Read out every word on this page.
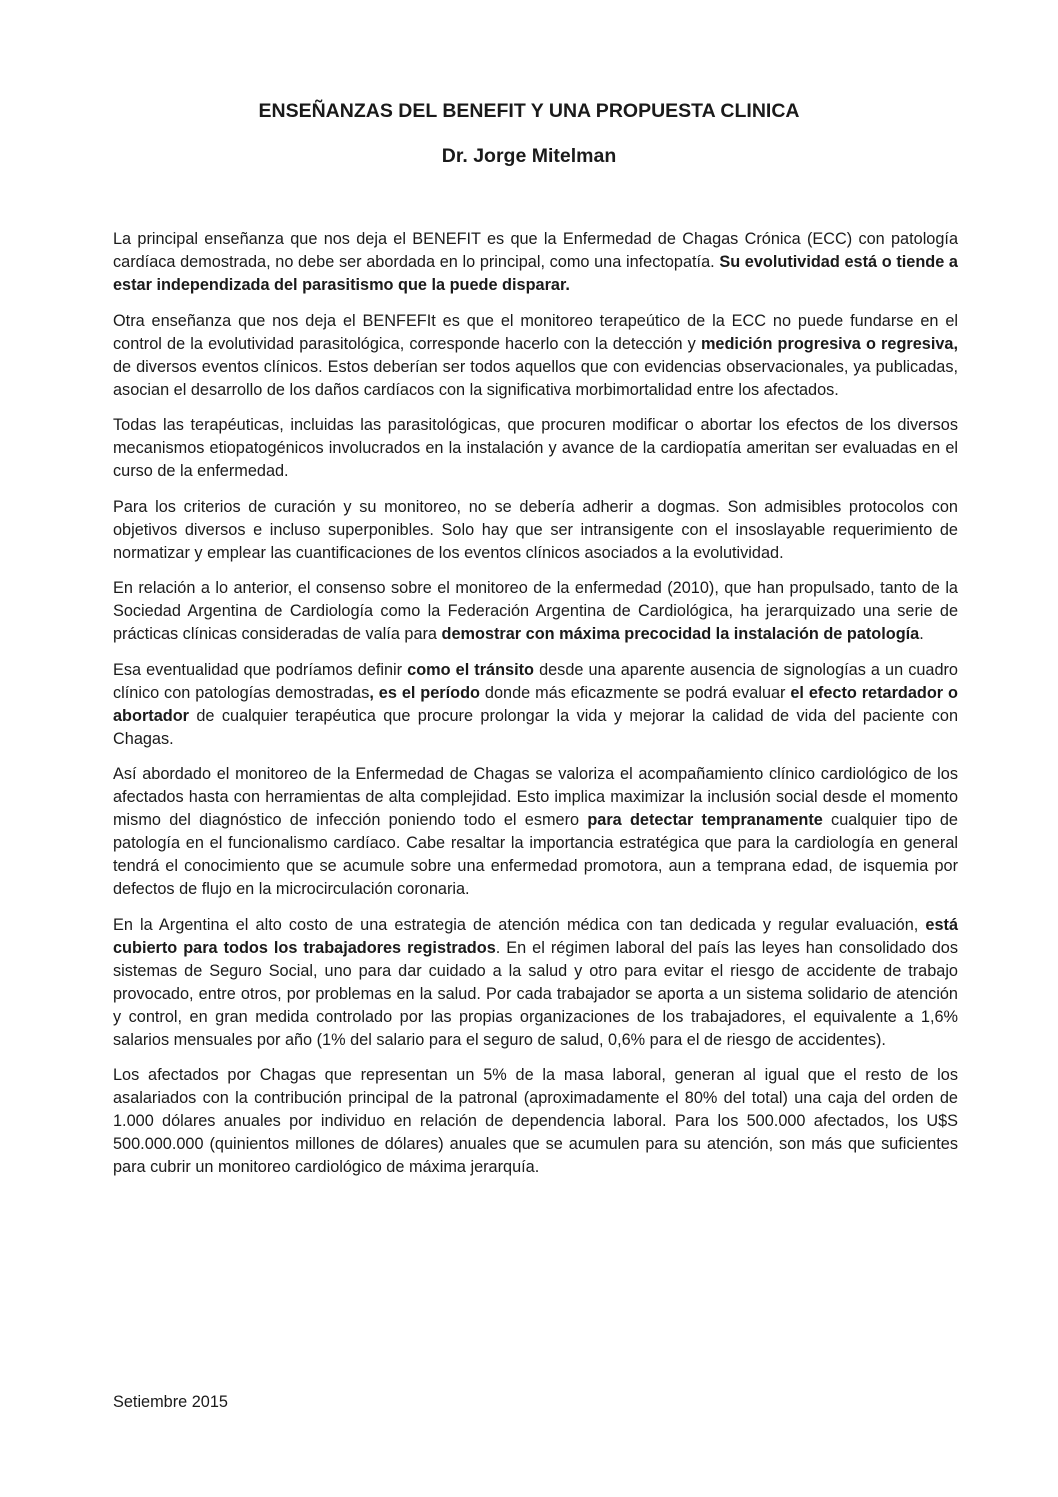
ENSEÑANZAS DEL BENEFIT Y UNA PROPUESTA CLINICA
Dr. Jorge Mitelman

La principal enseñanza que nos deja el BENEFIT es que la Enfermedad de Chagas Crónica (ECC) con patología cardíaca demostrada, no debe ser abordada en lo principal, como una infectopatía. Su evolutividad está o tiende a estar independizada del parasitismo que la puede disparar.

Otra enseñanza que nos deja el BENFEFIt es que el monitoreo terapeútico de la ECC no puede fundarse en el control de la evolutividad parasitológica, corresponde hacerlo con la detección y medición progresiva o regresiva, de diversos eventos clínicos. Estos deberían ser todos aquellos que con evidencias observacionales, ya publicadas, asocian el desarrollo de los daños cardíacos con la significativa morbimortalidad entre los afectados.

Todas las terapéuticas, incluidas las parasitológicas, que procuren modificar o abortar los efectos de los diversos mecanismos etiopatogénicos involucrados en la instalación y avance de la cardiopatía ameritan ser evaluadas en el curso de la enfermedad.

Para los criterios de curación y su monitoreo, no se debería adherir a dogmas. Son admisibles protocolos con objetivos diversos e incluso superponibles. Solo hay que ser intransigente con el insoslayable requerimiento de normatizar y emplear las cuantificaciones de los eventos clínicos asociados a la evolutividad.

En relación a lo anterior, el consenso sobre el monitoreo de la enfermedad (2010), que han propulsado, tanto de la Sociedad Argentina de Cardiología como la Federación Argentina de Cardiológica, ha jerarquizado una serie de prácticas clínicas consideradas de valía para demostrar con máxima precocidad la instalación de patología.

Esa eventualidad que podríamos definir como el tránsito desde una aparente ausencia de signologías a un cuadro clínico con patologías demostradas, es el período donde más eficazmente se podrá evaluar el efecto retardador o abortador de cualquier terapéutica que procure prolongar la vida y mejorar la calidad de vida del paciente con Chagas.

Así abordado el monitoreo de la Enfermedad de Chagas se valoriza el acompañamiento clínico cardiológico de los afectados hasta con herramientas de alta complejidad. Esto implica maximizar la inclusión social desde el momento mismo del diagnóstico de infección poniendo todo el esmero para detectar tempranamente cualquier tipo de patología en el funcionalismo cardíaco. Cabe resaltar la importancia estratégica que para la cardiología en general tendrá el conocimiento que se acumule sobre una enfermedad promotora, aun a temprana edad, de isquemia por defectos de flujo en la microcirculación coronaria.

En la Argentina el alto costo de una estrategia de atención médica con tan dedicada y regular evaluación, está cubierto para todos los trabajadores registrados. En el régimen laboral del país las leyes han consolidado dos sistemas de Seguro Social, uno para dar cuidado a la salud y otro para evitar el riesgo de accidente de trabajo provocado, entre otros, por problemas en la salud. Por cada trabajador se aporta a un sistema solidario de atención y control, en gran medida controlado por las propias organizaciones de los trabajadores, el equivalente a 1,6% salarios mensuales por año (1% del salario para el seguro de salud, 0,6% para el de riesgo de accidentes).

Los afectados por Chagas que representan un 5% de la masa laboral, generan al igual que el resto de los asalariados con la contribución principal de la patronal (aproximadamente el 80% del total) una caja del orden de 1.000 dólares anuales por individuo en relación de dependencia laboral. Para los 500.000 afectados, los U$S 500.000.000 (quinientos millones de dólares) anuales que se acumulen para su atención, son más que suficientes para cubrir un monitoreo cardiológico de máxima jerarquía.

Setiembre 2015
